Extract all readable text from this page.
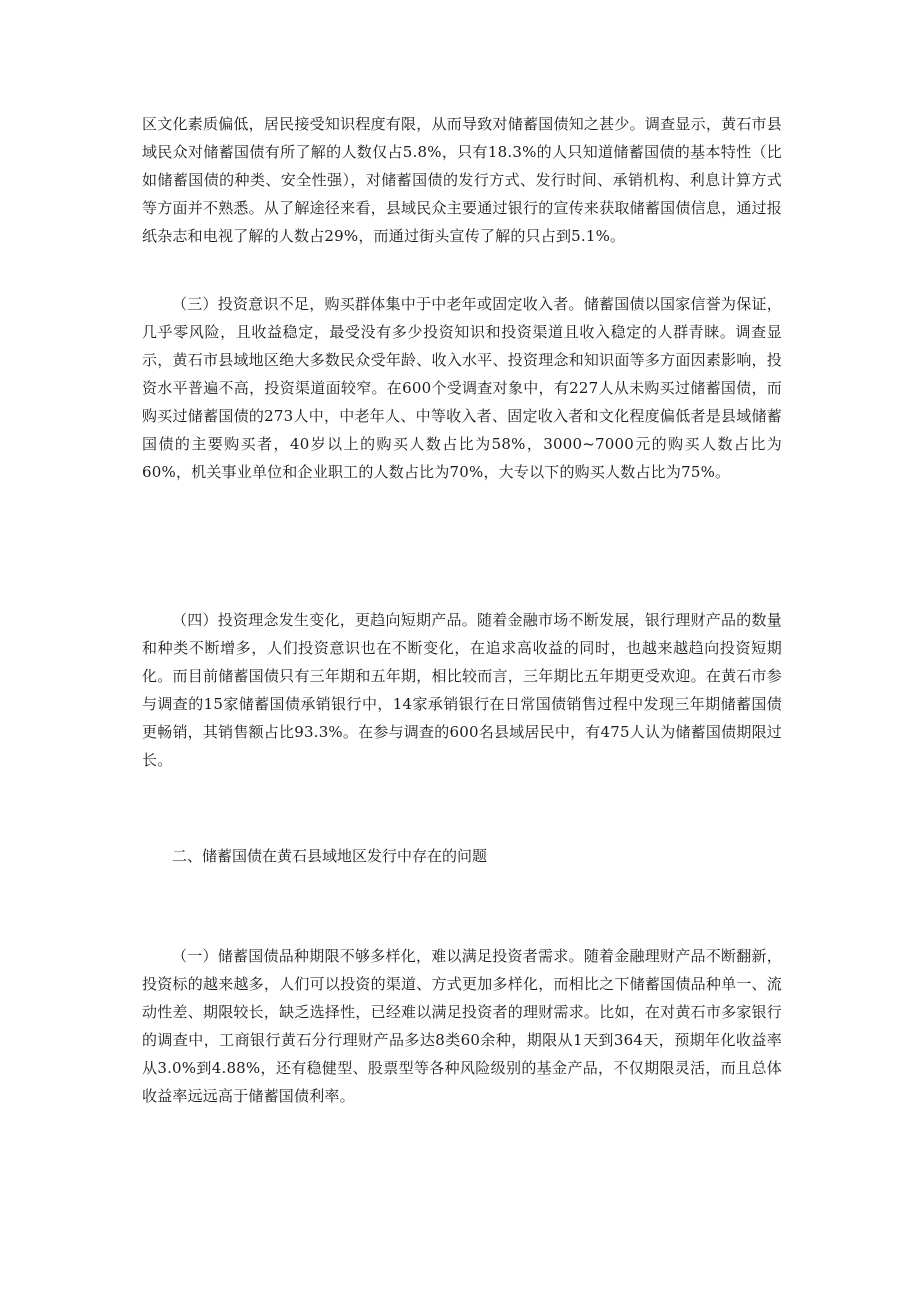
区文化素质偏低，居民接受知识程度有限，从而导致对储蓄国债知之甚少。调查显示，黄石市县域民众对储蓄国债有所了解的人数仅占5.8%，只有18.3%的人只知道储蓄国债的基本特性（比如储蓄国债的种类、安全性强），对储蓄国债的发行方式、发行时间、承销机构、利息计算方式等方面并不熟悉。从了解途径来看，县域民众主要通过银行的宣传来获取储蓄国债信息，通过报纸杂志和电视了解的人数占29%，而通过街头宣传了解的只占到5.1%。

（三）投资意识不足，购买群体集中于中老年或固定收入者。储蓄国债以国家信誉为保证，几乎零风险，且收益稳定，最受没有多少投资知识和投资渠道且收入稳定的人群青睐。调查显示，黄石市县域地区绝大多数民众受年龄、收入水平、投资理念和知识面等多方面因素影响，投资水平普遍不高，投资渠道面较窄。在600个受调查对象中，有227人从未购买过储蓄国债，而购买过储蓄国债的273人中，中老年人、中等收入者、固定收入者和文化程度偏低者是县域储蓄国债的主要购买者，40岁以上的购买人数占比为58%，3000~7000元的购买人数占比为60%，机关事业单位和企业职工的人数占比为70%，大专以下的购买人数占比为75%。

（四）投资理念发生变化，更趋向短期产品。随着金融市场不断发展，银行理财产品的数量和种类不断增多，人们投资意识也在不断变化，在追求高收益的同时，也越来越趋向投资短期化。而目前储蓄国债只有三年期和五年期，相比较而言，三年期比五年期更受欢迎。在黄石市参与调查的15家储蓄国债承销银行中，14家承销银行在日常国债销售过程中发现三年期储蓄国债更畅销，其销售额占比93.3%。在参与调查的600名县域居民中，有475人认为储蓄国债期限过长。

二、储蓄国债在黄石县域地区发行中存在的问题

（一）储蓄国债品种期限不够多样化，难以满足投资者需求。随着金融理财产品不断翻新，投资标的越来越多，人们可以投资的渠道、方式更加多样化，而相比之下储蓄国债品种单一、流动性差、期限较长，缺乏选择性，已经难以满足投资者的理财需求。比如，在对黄石市多家银行的调查中，工商银行黄石分行理财产品多达8类60余种，期限从1天到364天，预期年化收益率从3.0%到4.88%，还有稳健型、股票型等各种风险级别的基金产品，不仅期限灵活，而且总体收益率远远高于储蓄国债利率。
